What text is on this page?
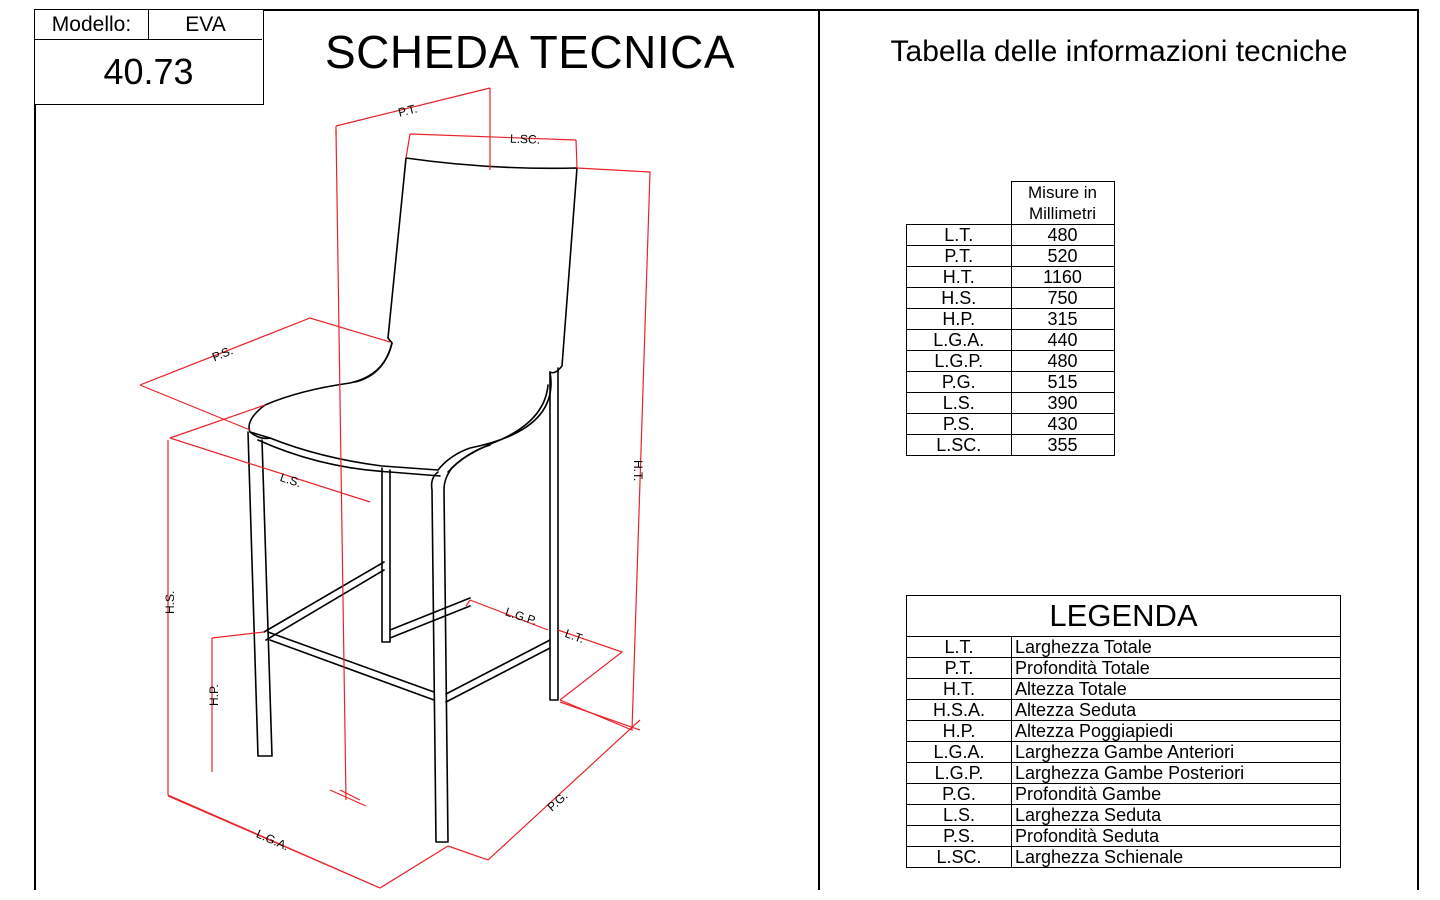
Modello:	EVA
40.73	SCHEDA TECNICA	Tabella delle informazioni tecniche
P.T.
L.SC.
P.S.
L.S.	H.T.
H.S.
H.P.
L.G.P.
L.T.
P.G.
L.G.A.
	Misure in Millimetri
L.T.	480
P.T.	520
H.T.	1160
H.S.	750
H.P.	315
L.G.A.	440
L.G.P.	480
P.G.	515
L.S.	390
P.S.	430
L.SC.	355
LEGENDA	
L.T.	Larghezza Totale
P.T.	Profondità Totale
H.T.	Altezza Totale
H.S.A.	Altezza Seduta
H.P.	Altezza Poggiapiedi
L.G.A.	Larghezza Gambe Anteriori
L.G.P.	Larghezza Gambe Posteriori
P.G.	Profondità Gambe
L.S.	Larghezza Seduta
P.S.	Profondità Seduta
L.SC.	Larghezza Schienale
